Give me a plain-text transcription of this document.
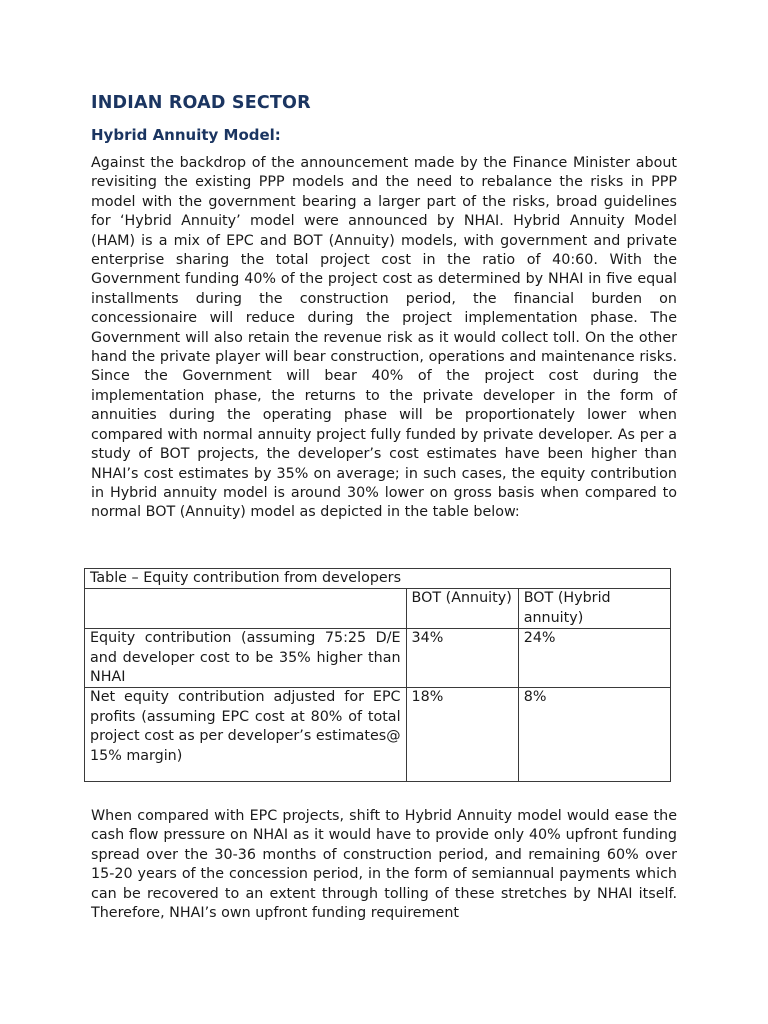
INDIAN ROAD SECTOR
Hybrid Annuity Model:

Against the backdrop of the announcement made by the Finance Minister about revisiting the existing PPP models and the need to rebalance the risks in PPP model with the government bearing a larger part of the risks, broad guidelines for ‘Hybrid Annuity’ model were announced by NHAI. Hybrid Annuity Model (HAM) is a mix of EPC and BOT (Annuity) models, with government and private enterprise sharing the total project cost in the ratio of 40:60. With the Government funding 40% of the project cost as determined by NHAI in five equal installments during the construction period, the financial burden on concessionaire will reduce during the project implementation phase. The Government will also retain the revenue risk as it would collect toll. On the other hand the private player will bear construction, operations and maintenance risks. Since the Government will bear 40% of the project cost during the implementation phase, the returns to the private developer in the form of annuities during the operating phase will be proportionately lower when compared with normal annuity project fully funded by private developer. As per a study of BOT projects, the developer’s cost estimates have been higher than NHAI’s cost estimates by 35% on average; in such cases, the equity contribution in Hybrid annuity model is around 30% lower on gross basis when compared to normal BOT (Annuity) model as depicted in the table below:

Table – Equity contribution from developers		
	BOT (Annuity)	BOT (Hybrid annuity)
Equity contribution (assuming 75:25 D/E and developer cost to be 35% higher than NHAI	34%	24%
Net equity contribution adjusted for EPC profits (assuming EPC cost at 80% of total project cost as per developer’s estimates@ 15% margin)	18%	8%

When compared with EPC projects, shift to Hybrid Annuity model would ease the cash flow pressure on NHAI as it would have to provide only 40% upfront funding spread over the 30-36 months of construction period, and remaining 60% over 15-20 years of the concession period, in the form of semiannual payments which can be recovered to an extent through tolling of these stretches by NHAI itself. Therefore, NHAI’s own upfront funding requirement
